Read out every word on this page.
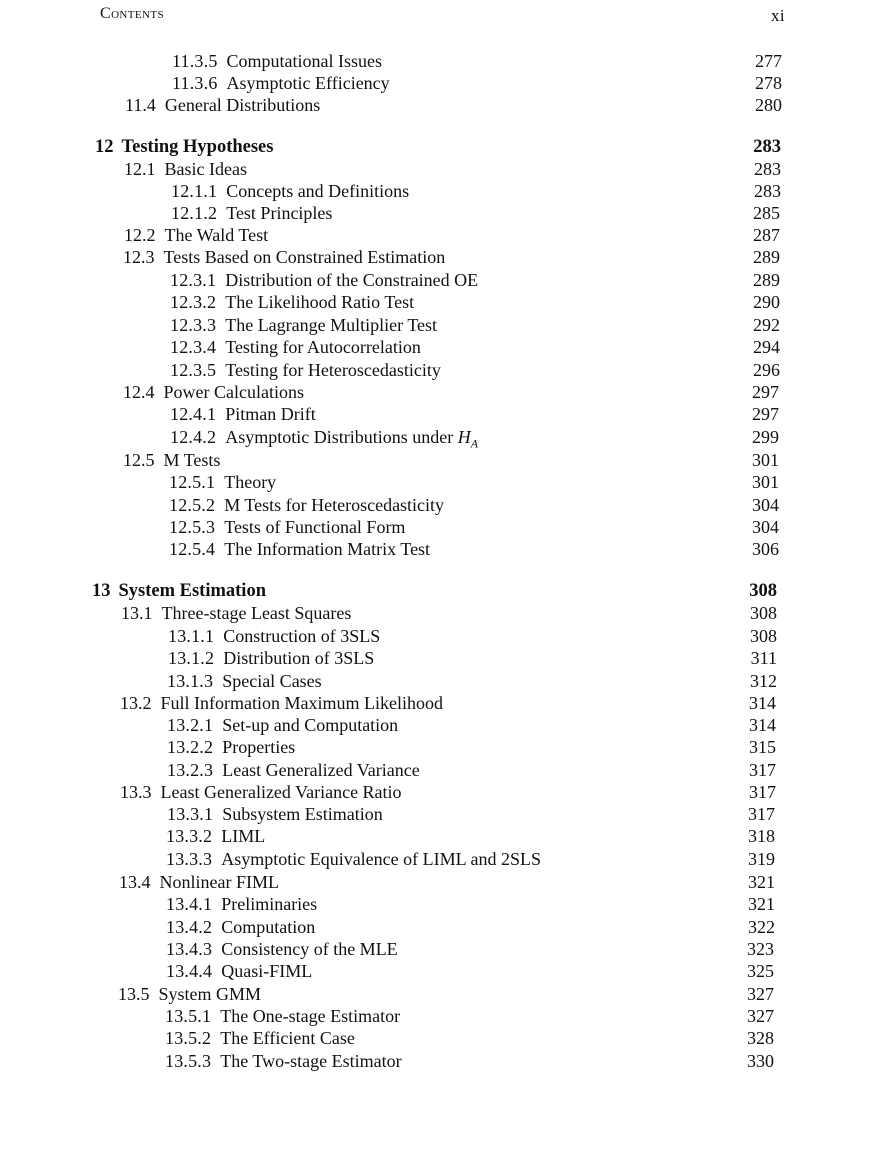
Contents	xi
11.3.5 Computational Issues	277
11.3.6 Asymptotic Efficiency	278
11.4 General Distributions	280
12 Testing Hypotheses	283
12.1 Basic Ideas	283
12.1.1 Concepts and Definitions	283
12.1.2 Test Principles	285
12.2 The Wald Test	287
12.3 Tests Based on Constrained Estimation	289
12.3.1 Distribution of the Constrained OE	289
12.3.2 The Likelihood Ratio Test	290
12.3.3 The Lagrange Multiplier Test	292
12.3.4 Testing for Autocorrelation	294
12.3.5 Testing for Heteroscedasticity	296
12.4 Power Calculations	297
12.4.1 Pitman Drift	297
12.4.2 Asymptotic Distributions under $H_A$	299
12.5 M Tests	301
12.5.1 Theory	301
12.5.2 M Tests for Heteroscedasticity	304
12.5.3 Tests of Functional Form	304
12.5.4 The Information Matrix Test	306
13 System Estimation	308
13.1 Three-stage Least Squares	308
13.1.1 Construction of 3SLS	308
13.1.2 Distribution of 3SLS	311
13.1.3 Special Cases	312
13.2 Full Information Maximum Likelihood	314
13.2.1 Set-up and Computation	314
13.2.2 Properties	315
13.2.3 Least Generalized Variance	317
13.3 Least Generalized Variance Ratio	317
13.3.1 Subsystem Estimation	317
13.3.2 LIML	318
13.3.3 Asymptotic Equivalence of LIML and 2SLS	319
13.4 Nonlinear FIML	321
13.4.1 Preliminaries	321
13.4.2 Computation	322
13.4.3 Consistency of the MLE	323
13.4.4 Quasi-FIML	325
13.5 System GMM	327
13.5.1 The One-stage Estimator	327
13.5.2 The Efficient Case	328
13.5.3 The Two-stage Estimator	330
